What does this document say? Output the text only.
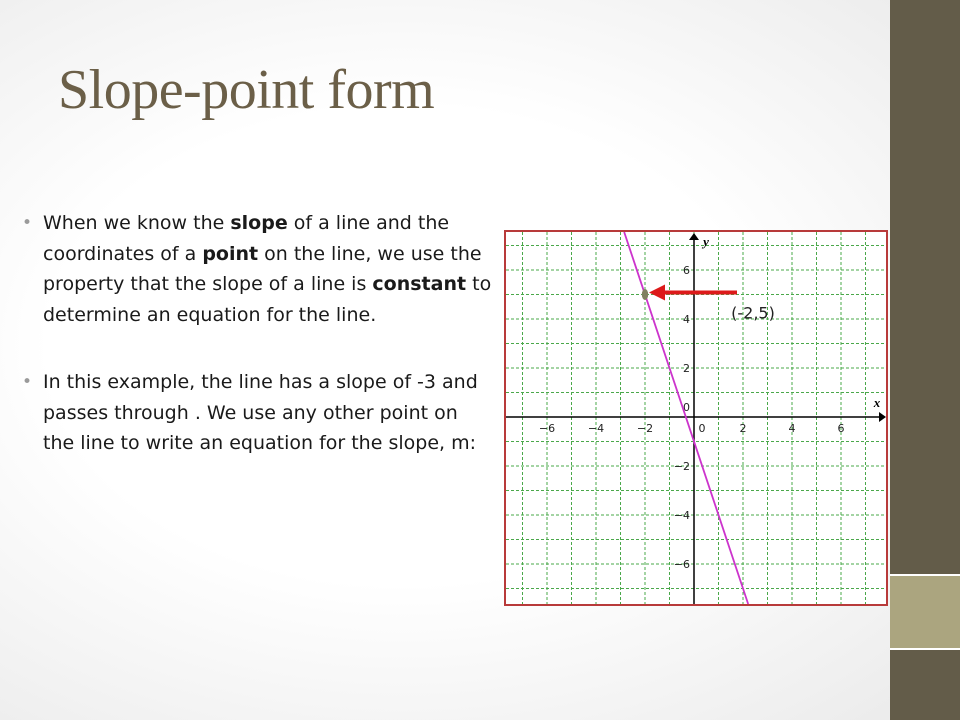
Slope-point form
• When we know the slope of a line and the coordinates of a point on the line, we use the property that the slope of a line is constant to determine an equation for the line.
• In this example, the line has a slope of -3 and passes through . We use any other point on the line to write an equation for the slope, m:
−6	−4	−2	0	2	4	6
6
4
2
−2
−4
−6
0	x
y
(-2,5)
